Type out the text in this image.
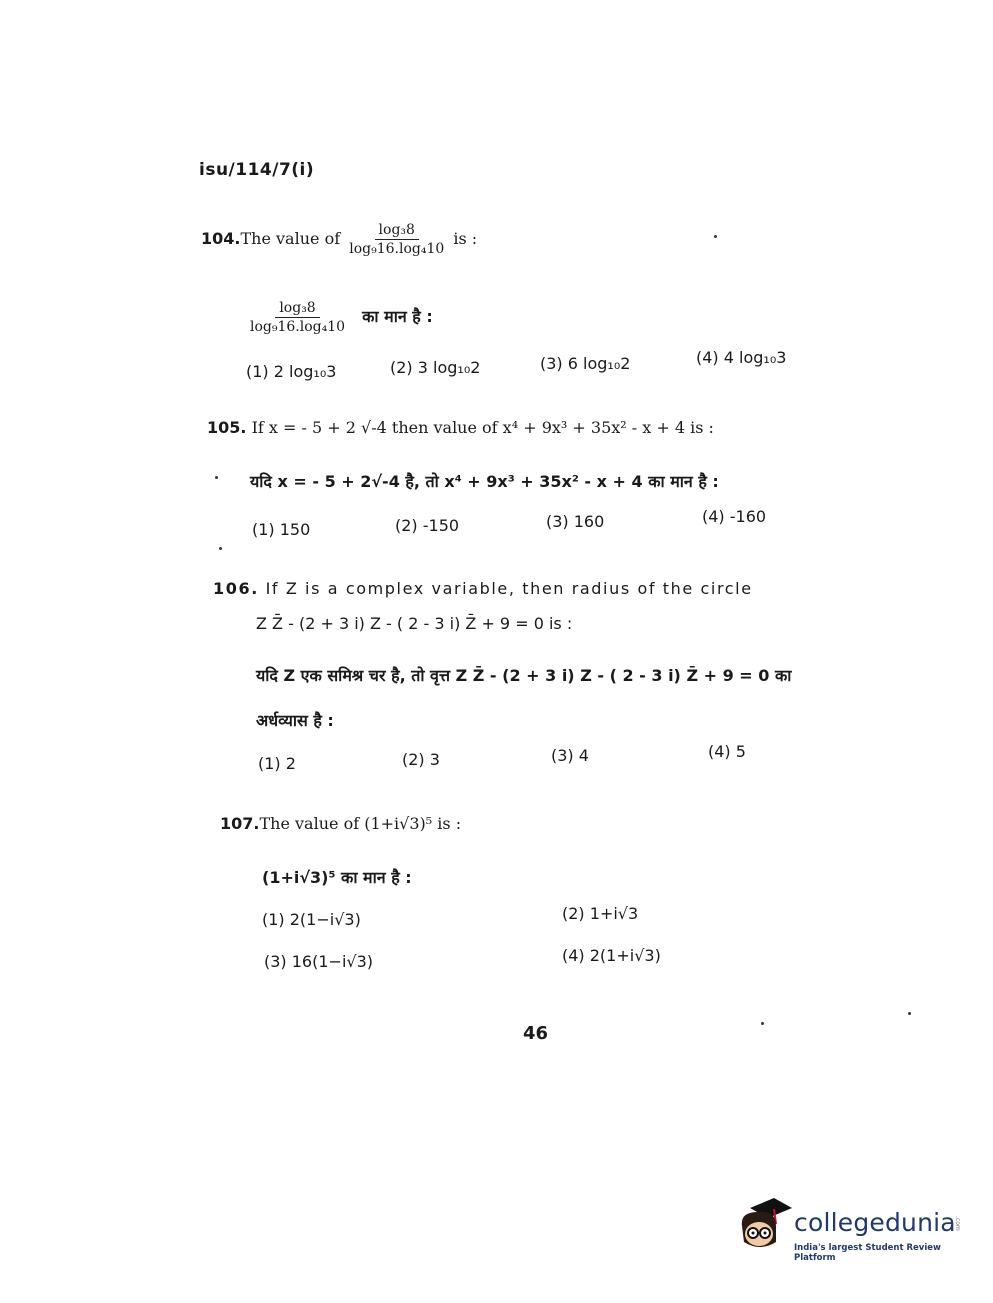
isu/114/7(i)
104.The value of $\frac{\text{log₃8}}{\text{log₉16.log₄10}}$ is :
$\frac{\text{log₃8}}{\text{log₉16.log₄10}}$ का मान है :
(1) 2 log₁₀3	(2) 3 log₁₀2	(3) 6 log₁₀2	(4) 4 log₁₀3
105. If x = - 5 + 2 √-4 then value of x⁴ + 9x³ + 35x² - x + 4 is :
यदि x = - 5 + 2√-4 है, तो x⁴ + 9x³ + 35x² - x + 4 का मान है :
(1) 150	(2) -150	(3) 160	(4) -160
106. If Z is a complex variable, then radius of the circle
Z Z̄ - (2 + 3 i) Z - ( 2 - 3 i) Z̄ + 9 = 0 is :
यदि Z एक समिश्र चर है, तो वृत्त Z Z̄ - (2 + 3 i) Z - ( 2 - 3 i) Z̄ + 9 = 0 का
अर्धव्यास है :
(1) 2	(2) 3	(3) 4	(4) 5
107.The value of (1+i√3)⁵ is :
(1+i√3)⁵ का मान है :
(1) 2(1−i√3)	(2) 1+i√3
(3) 16(1−i√3)	(4) 2(1+i√3)
46
collegedunia
.com
India's largest Student Review Platform
